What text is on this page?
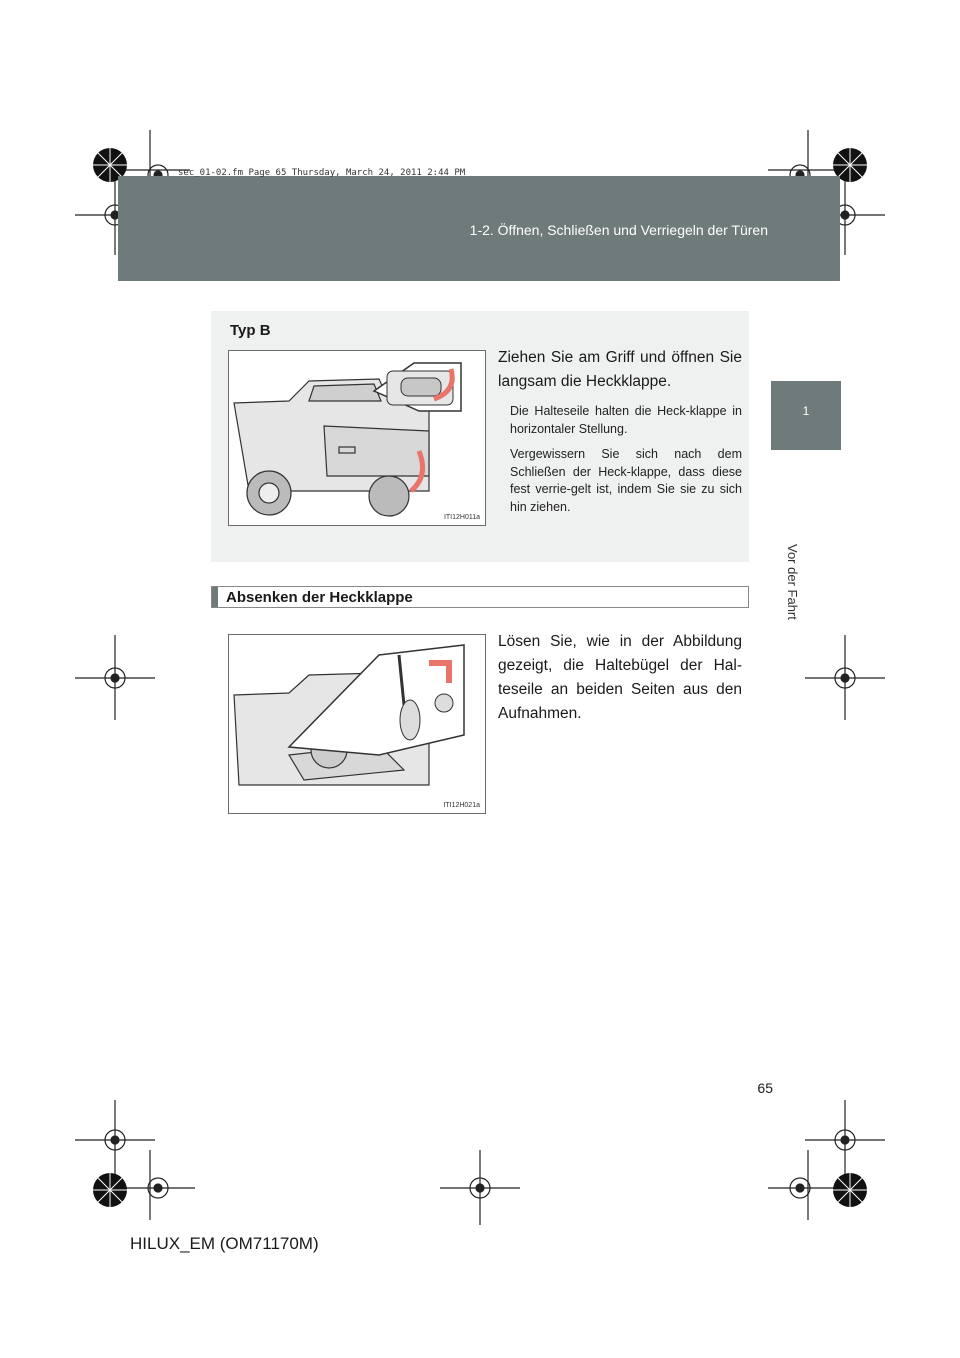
sec_01-02.fm Page 65 Thursday, March 24, 2011 2:44 PM
1-2. Öffnen, Schließen und Verriegeln der Türen
1
Vor der Fahrt
Typ B
ITI12H011a
Ziehen Sie am Griff und öffnen Sie langsam die Heckklappe.
Die Halteseile halten die Heck-klappe in horizontaler Stellung.
Vergewissern Sie sich nach dem Schließen der Heck-klappe, dass diese fest verrie-gelt ist, indem Sie sie zu sich hin ziehen.
Absenken der Heckklappe
ITI12H021a
Lösen Sie, wie in der Abbildung gezeigt, die Haltebügel der Hal-teseile an beiden Seiten aus den Aufnahmen.
65
HILUX_EM (OM71170M)
